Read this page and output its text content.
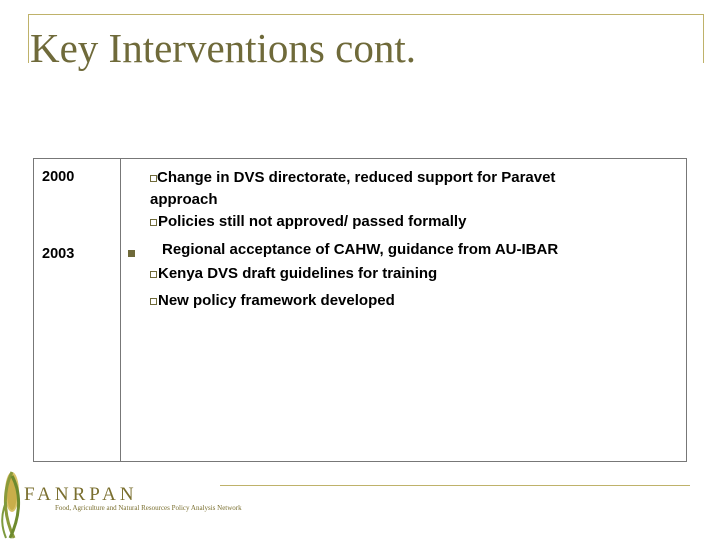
Key Interventions cont.
2000
2003
Change in DVS directorate, reduced support for Paravet
approach
Policies still not approved/ passed formally
Regional acceptance of CAHW, guidance from AU-IBAR
Kenya DVS draft guidelines for training
New policy framework developed
FANRPAN
Food, Agriculture and Natural Resources Policy Analysis Network
